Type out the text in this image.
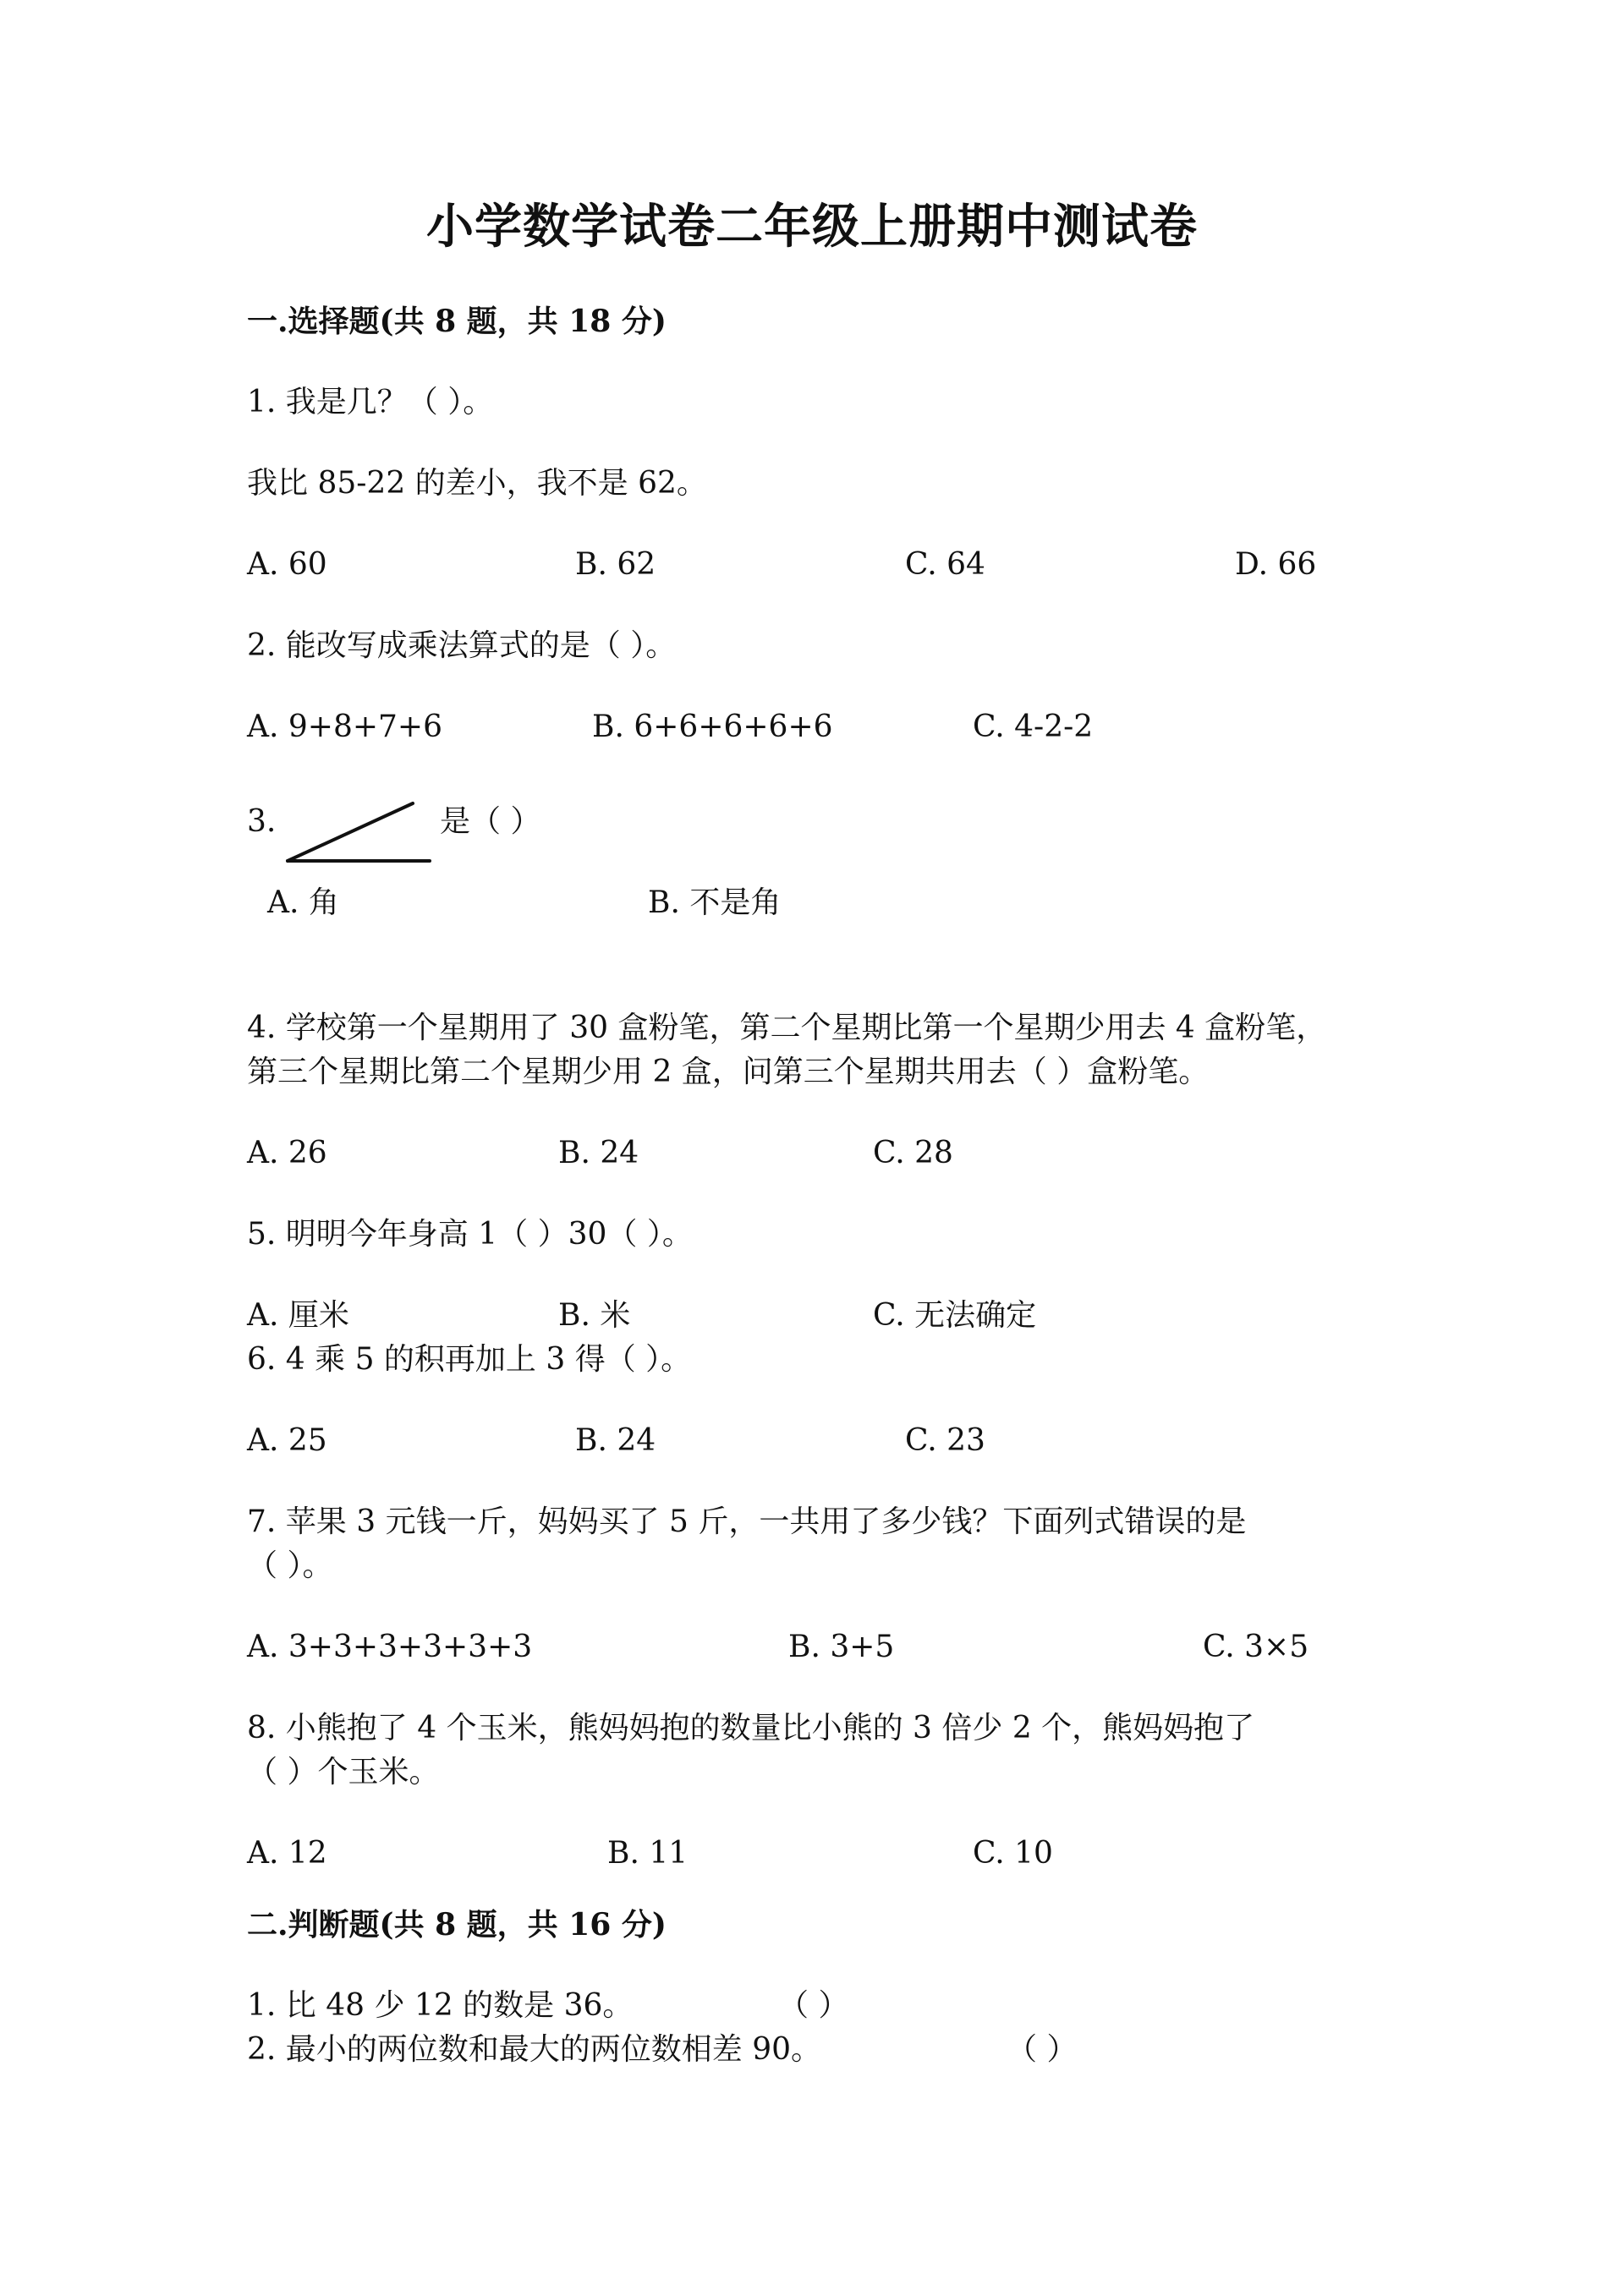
小学数学试卷二年级上册期中测试卷
一.选择题(共 8 题，共 18 分)
1. 我是几？（ ）。
我比 85-22 的差小，我不是 62。
A. 60	B. 62	C. 64	D. 66
2. 能改写成乘法算式的是（ ）。
A. 9+8+7+6	B. 6+6+6+6+6	C. 4-2-2
3.	是（ ）
A. 角	B. 不是角
4. 学校第一个星期用了 30 盒粉笔，第二个星期比第一个星期少用去 4 盒粉笔，
第三个星期比第二个星期少用 2 盒，问第三个星期共用去（ ）盒粉笔。
A. 26	B. 24	C. 28
5. 明明今年身高 1（ ）30（ ）。
A. 厘米	B. 米	C. 无法确定
6. 4 乘 5 的积再加上 3 得（ ）。
A. 25	B. 24	C. 23
7. 苹果 3 元钱一斤，妈妈买了 5 斤，一共用了多少钱？下面列式错误的是
（ ）。
A. 3+3+3+3+3+3	B. 3+5	C. 3×5
8. 小熊抱了 4 个玉米，熊妈妈抱的数量比小熊的 3 倍少 2 个，熊妈妈抱了
（ ）个玉米。
A. 12	B. 11	C. 10
二.判断题(共 8 题，共 16 分)
1. 比 48 少 12 的数是 36。	（ ）
2. 最小的两位数和最大的两位数相差 90。	（ ）
